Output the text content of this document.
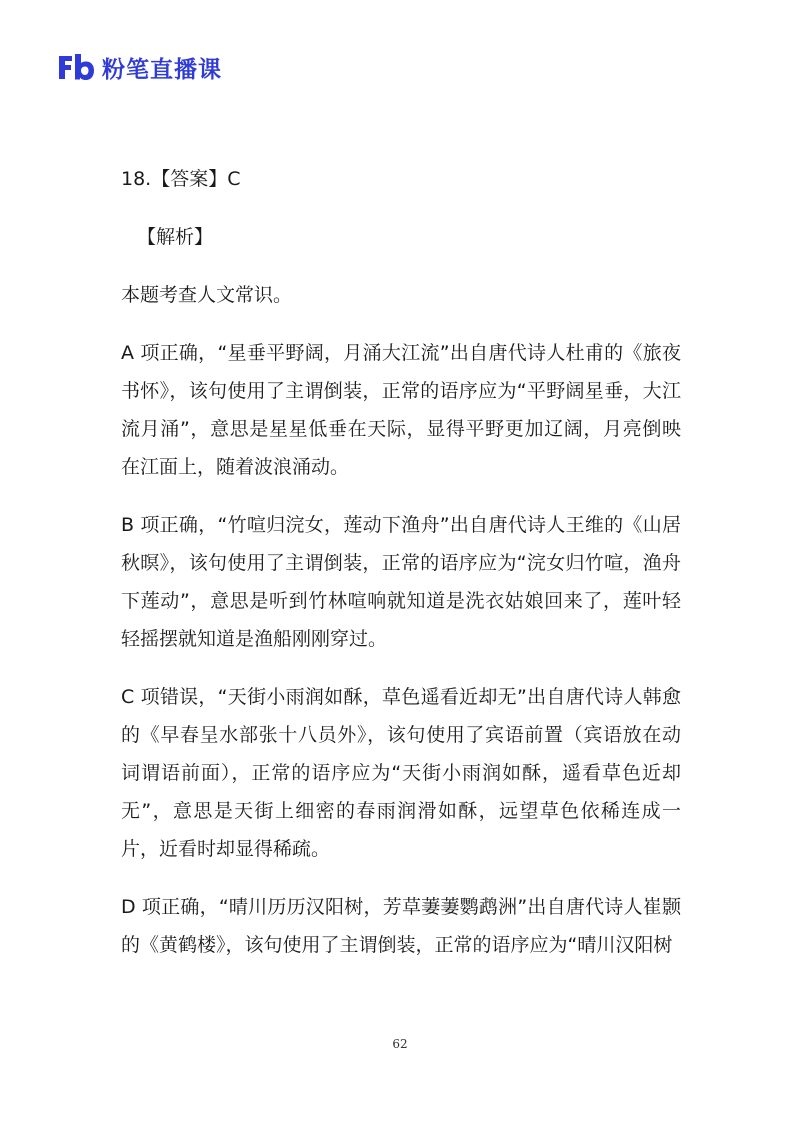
粉笔直播课

18.【答案】C

【解析】

本题考查人文常识。

A 项正确，“星垂平野阔，月涌大江流”出自唐代诗人杜甫的《旅夜书怀》，该句使用了主谓倒装，正常的语序应为“平野阔星垂，大江流月涌”，意思是星星低垂在天际，显得平野更加辽阔，月亮倒映在江面上，随着波浪涌动。

B 项正确，“竹喧归浣女，莲动下渔舟”出自唐代诗人王维的《山居秋暝》，该句使用了主谓倒装，正常的语序应为“浣女归竹喧，渔舟下莲动”，意思是听到竹林喧响就知道是洗衣姑娘回来了，莲叶轻轻摇摆就知道是渔船刚刚穿过。

C 项错误，“天街小雨润如酥，草色遥看近却无”出自唐代诗人韩愈的《早春呈水部张十八员外》，该句使用了宾语前置（宾语放在动词谓语前面），正常的语序应为“天街小雨润如酥，遥看草色近却无”，意思是天街上细密的春雨润滑如酥，远望草色依稀连成一片，近看时却显得稀疏。

D 项正确，“晴川历历汉阳树，芳草萋萋鹦鹉洲”出自唐代诗人崔颢的《黄鹤楼》，该句使用了主谓倒装，正常的语序应为“晴川汉阳树

62
